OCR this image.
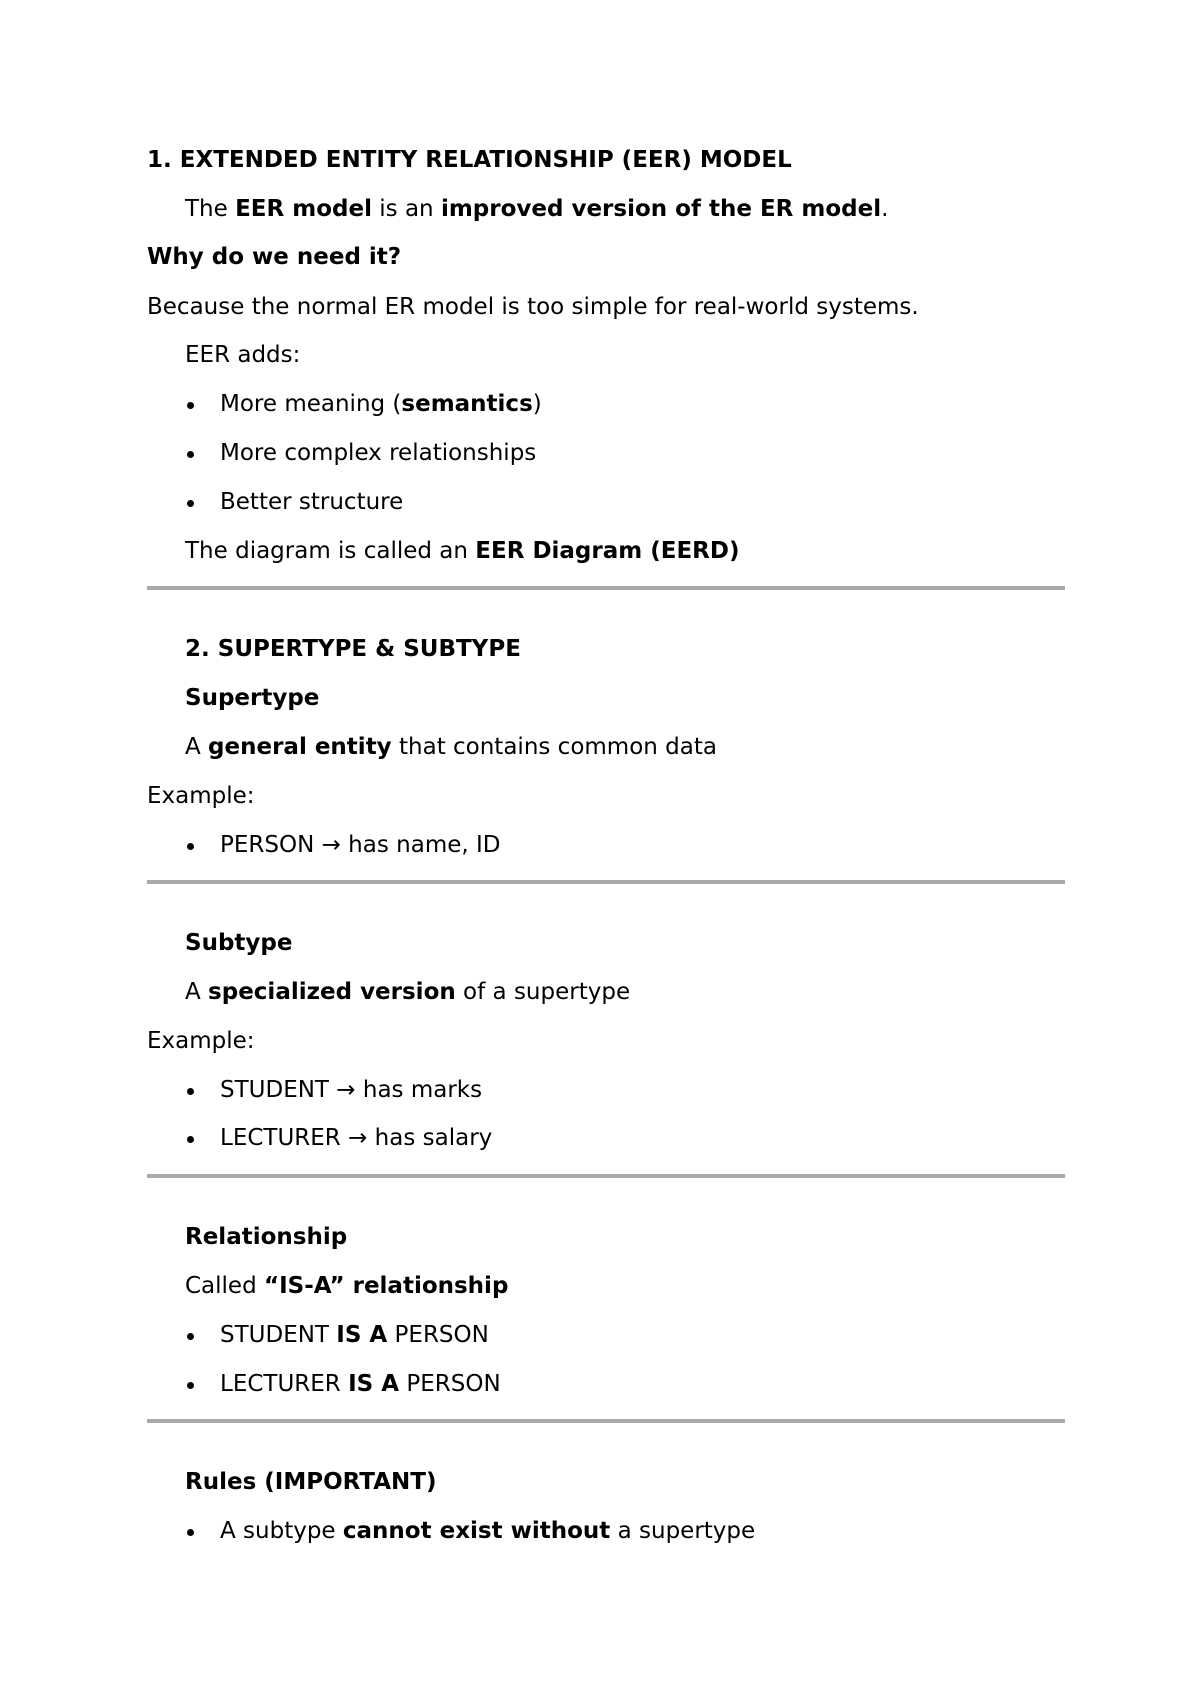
1. EXTENDED ENTITY RELATIONSHIP (EER) MODEL
The EER model is an improved version of the ER model.
Why do we need it?
Because the normal ER model is too simple for real-world systems.
EER adds:
More meaning (semantics)
More complex relationships
Better structure
The diagram is called an EER Diagram (EERD)
2. SUPERTYPE & SUBTYPE
Supertype
A general entity that contains common data
Example:
PERSON → has name, ID
Subtype
A specialized version of a supertype
Example:
STUDENT → has marks
LECTURER → has salary
Relationship
Called “IS-A” relationship
STUDENT IS A PERSON
LECTURER IS A PERSON
Rules (IMPORTANT)
A subtype cannot exist without a supertype
